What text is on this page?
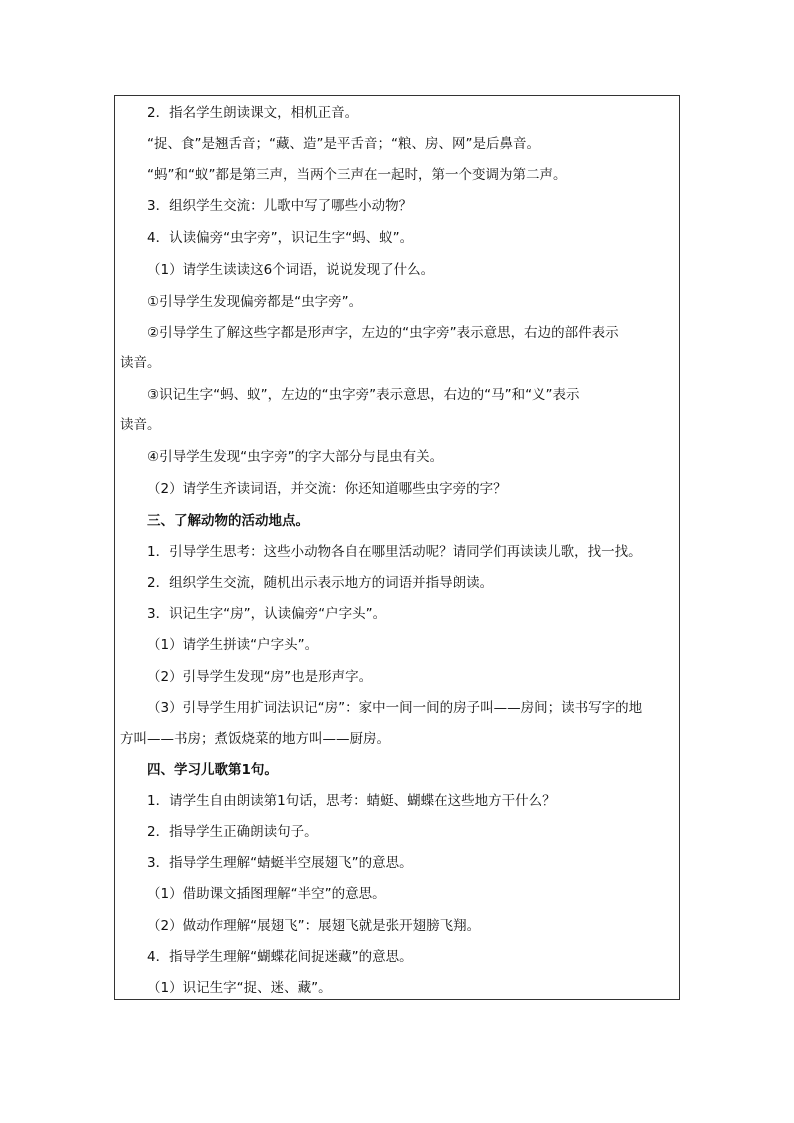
2．指名学生朗读课文，相机正音。
“捉、食”是翘舌音；“藏、造”是平舌音；“粮、房、网”是后鼻音。
“蚂”和“蚁”都是第三声，当两个三声在一起时，第一个变调为第二声。
3．组织学生交流：儿歌中写了哪些小动物？
4．认读偏旁“虫字旁”，识记生字“蚂、蚁”。
（1）请学生读读这6个词语，说说发现了什么。
①引导学生发现偏旁都是“虫字旁”。
②引导学生了解这些字都是形声字，左边的“虫字旁”表示意思，右边的部件表示
读音。
③识记生字“蚂、蚁”，左边的“虫字旁”表示意思，右边的“马”和“义”表示
读音。
④引导学生发现“虫字旁”的字大部分与昆虫有关。
（2）请学生齐读词语，并交流：你还知道哪些虫字旁的字？
三、了解动物的活动地点。
1．引导学生思考：这些小动物各自在哪里活动呢？请同学们再读读儿歌，找一找。
2．组织学生交流，随机出示表示地方的词语并指导朗读。
3．识记生字“房”，认读偏旁“户字头”。
（1）请学生拼读“户字头”。
（2）引导学生发现“房”也是形声字。
（3）引导学生用扩词法识记“房”：家中一间一间的房子叫——房间；读书写字的地
方叫——书房；煮饭烧菜的地方叫——厨房。
四、学习儿歌第1句。
1．请学生自由朗读第1句话，思考：蜻蜓、蝴蝶在这些地方干什么？
2．指导学生正确朗读句子。
3．指导学生理解“蜻蜓半空展翅飞”的意思。
（1）借助课文插图理解“半空”的意思。
（2）做动作理解“展翅飞”：展翅飞就是张开翅膀飞翔。
4．指导学生理解“蝴蝶花间捉迷藏”的意思。
（1）识记生字“捉、迷、藏”。
